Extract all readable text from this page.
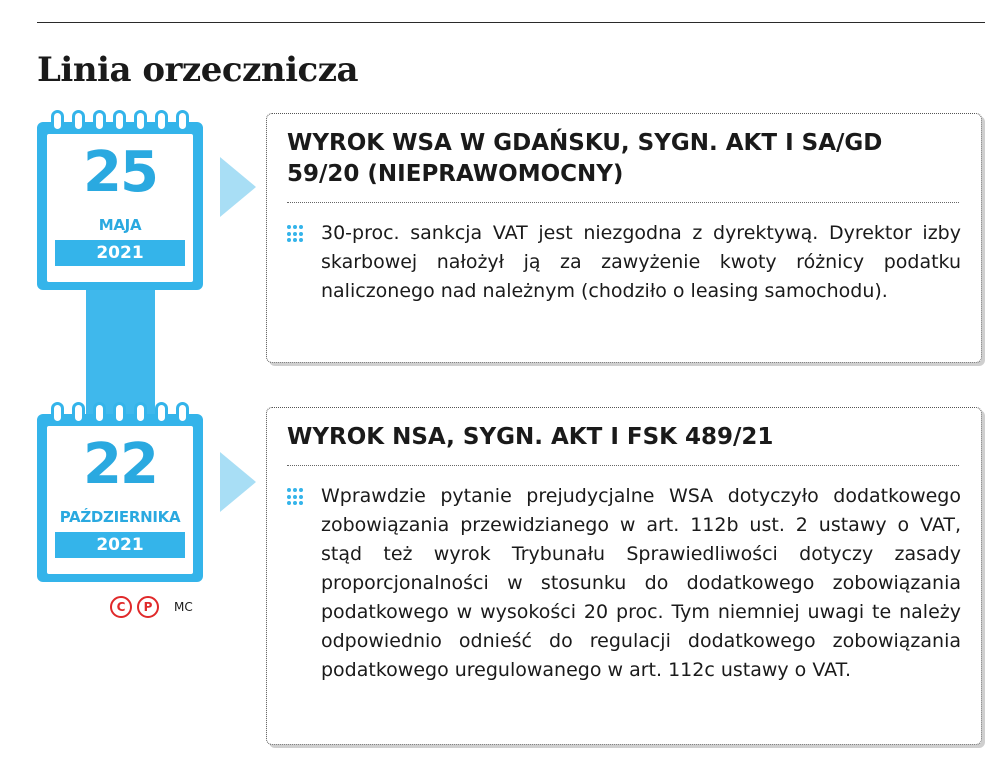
Linia orzecznicza
25
MAJA
2021
22
PAŹDZIERNIKA
2021
WYROK WSA W GDAŃSKU, SYGN. AKT I SA/GD 59/20 (NIEPRAWOMOCNY)

30-proc. sankcja VAT jest niezgodna z dyrektywą. Dyrektor izby skarbowej nałożył ją za zawyżenie kwoty różnicy podatku naliczonego nad należnym (chodziło o leasing samochodu).

WYROK NSA, SYGN. AKT I FSK 489/21

Wprawdzie pytanie prejudycjalne WSA dotyczyło dodatkowego zobowiązania przewidzianego w art. 112b ust. 2 ustawy o VAT, stąd też wyrok Trybunału Sprawiedliwości dotyczy zasady proporcjonalności w stosunku do dodatkowego zobowiązania podatkowego w wysokości 20 proc. Tym niemniej uwagi te należy odpowiednio odnieść do regulacji dodatkowego zobowiązania podatkowego uregulowanego w art. 112c ustawy o VAT.

C	P	MC
